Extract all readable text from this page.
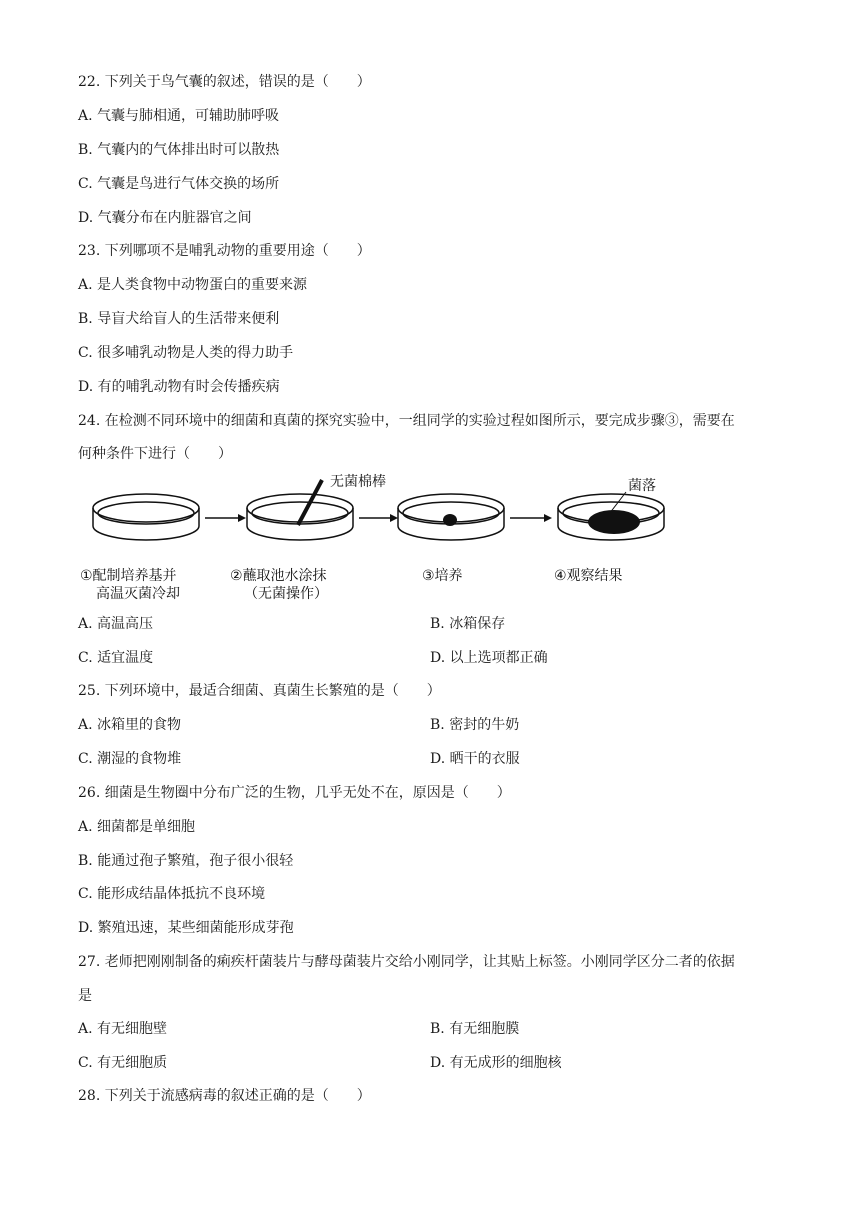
22. 下列关于鸟气囊的叙述，错误的是（　　）
A. 气囊与肺相通，可辅助肺呼吸
B. 气囊内的气体排出时可以散热
C. 气囊是鸟进行气体交换的场所
D. 气囊分布在内脏器官之间
23. 下列哪项不是哺乳动物的重要用途（　　）
A. 是人类食物中动物蛋白的重要来源
B. 导盲犬给盲人的生活带来便利
C. 很多哺乳动物是人类的得力助手
D. 有的哺乳动物有时会传播疾病
24. 在检测不同环境中的细菌和真菌的探究实验中，一组同学的实验过程如图所示，要完成步骤③，需要在
何种条件下进行（　　）
无菌棉棒	菌落
①配制培养基并
高温灭菌冷却
②蘸取池水涂抹
（无菌操作）
③培养	④观察结果
A. 高温高压	B. 冰箱保存
C. 适宜温度	D. 以上选项都正确
25. 下列环境中，最适合细菌、真菌生长繁殖的是（　　）
A. 冰箱里的食物	B. 密封的牛奶
C. 潮湿的食物堆	D. 晒干的衣服
26. 细菌是生物圈中分布广泛的生物，几乎无处不在，原因是（　　）
A. 细菌都是单细胞
B. 能通过孢子繁殖，孢子很小很轻
C. 能形成结晶体抵抗不良环境
D. 繁殖迅速，某些细菌能形成芽孢
27. 老师把刚刚制备的痢疾杆菌装片与酵母菌装片交给小刚同学，让其贴上标签。小刚同学区分二者的依据
是
A. 有无细胞壁	B. 有无细胞膜
C. 有无细胞质	D. 有无成形的细胞核
28. 下列关于流感病毒的叙述正确的是（　　）
